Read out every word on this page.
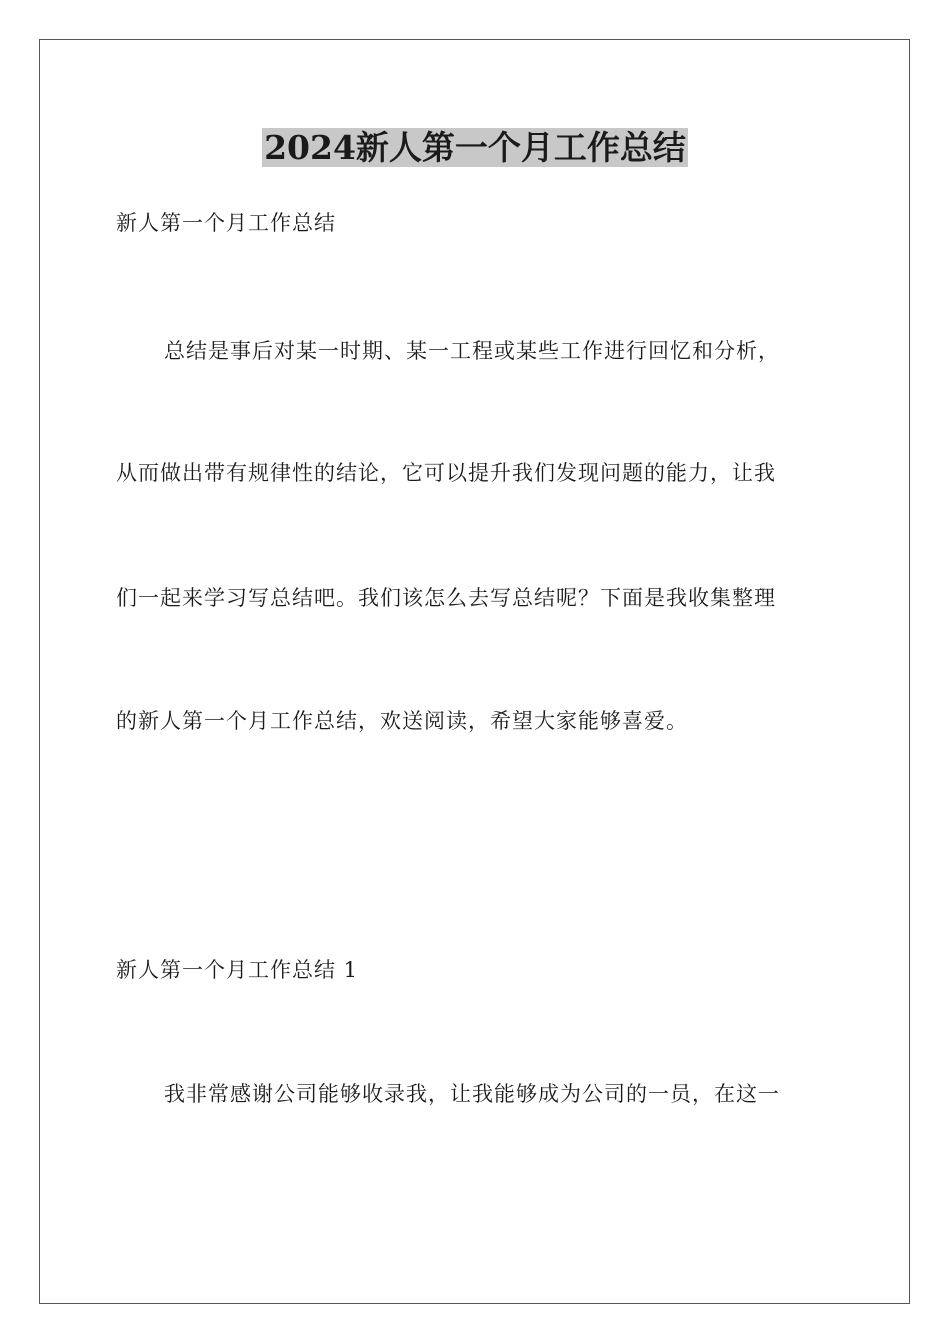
2024新人第一个月工作总结

新人第一个月工作总结

总结是事后对某一时期、某一工程或某些工作进行回忆和分析，

从而做出带有规律性的结论，它可以提升我们发现问题的能力，让我

们一起来学习写总结吧。我们该怎么去写总结呢？下面是我收集整理

的新人第一个月工作总结，欢送阅读，希望大家能够喜爱。

新人第一个月工作总结 1

我非常感谢公司能够收录我，让我能够成为公司的一员，在这一
